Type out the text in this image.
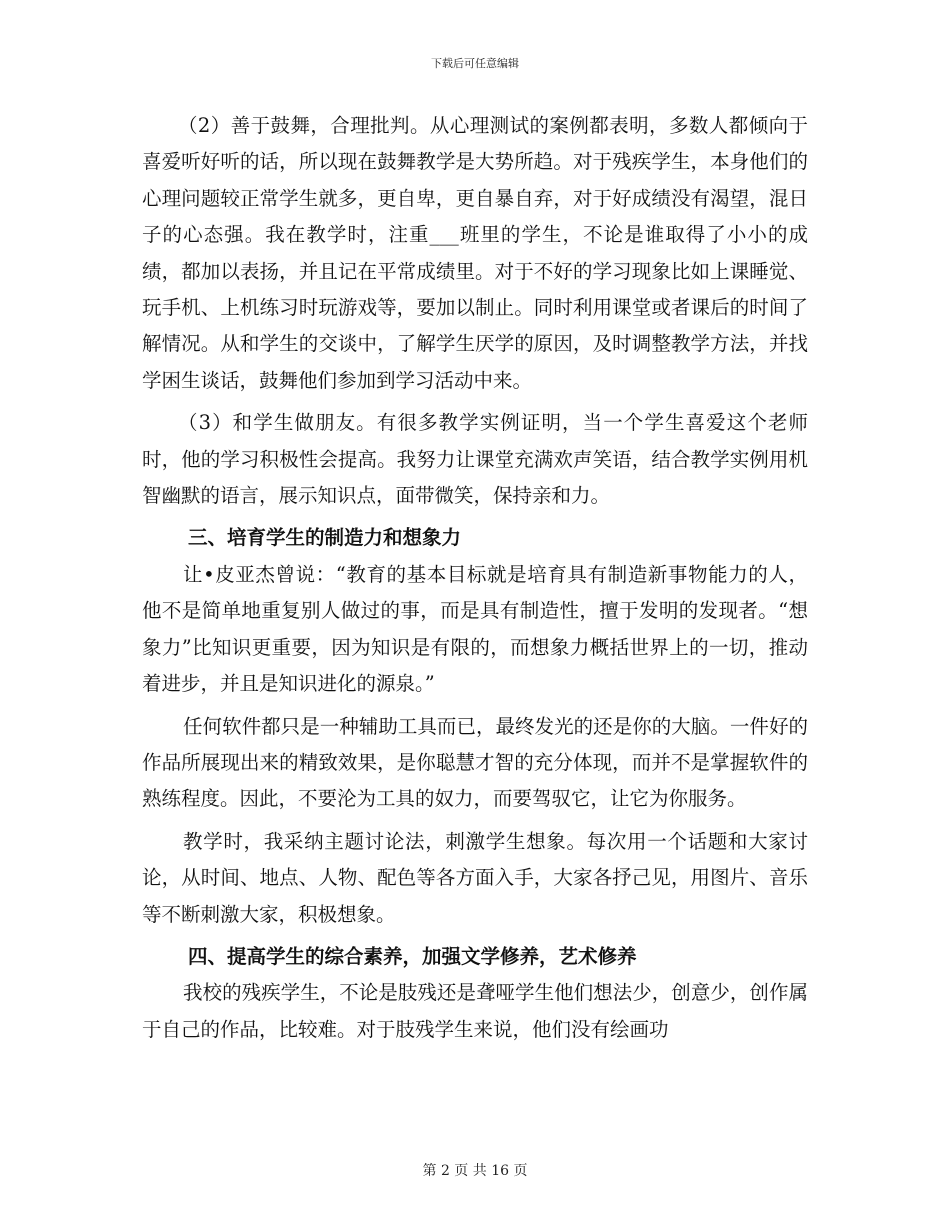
下载后可任意编辑

（2）善于鼓舞，合理批判。从心理测试的案例都表明，多数人都倾向于喜爱听好听的话，所以现在鼓舞教学是大势所趋。对于残疾学生，本身他们的心理问题较正常学生就多，更自卑，更自暴自弃，对于好成绩没有渴望，混日子的心态强。我在教学时，注重___班里的学生，不论是谁取得了小小的成绩，都加以表扬，并且记在平常成绩里。对于不好的学习现象比如上课睡觉、玩手机、上机练习时玩游戏等，要加以制止。同时利用课堂或者课后的时间了解情况。从和学生的交谈中，了解学生厌学的原因，及时调整教学方法，并找学困生谈话，鼓舞他们参加到学习活动中来。

（3）和学生做朋友。有很多教学实例证明，当一个学生喜爱这个老师时，他的学习积极性会提高。我努力让课堂充满欢声笑语，结合教学实例用机智幽默的语言，展示知识点，面带微笑，保持亲和力。

三、培育学生的制造力和想象力

让•皮亚杰曾说：“教育的基本目标就是培育具有制造新事物能力的人，他不是简单地重复别人做过的事，而是具有制造性，擅于发明的发现者。“想象力”比知识更重要，因为知识是有限的，而想象力概括世界上的一切，推动着进步，并且是知识进化的源泉。”

任何软件都只是一种辅助工具而已，最终发光的还是你的大脑。一件好的作品所展现出来的精致效果，是你聪慧才智的充分体现，而并不是掌握软件的熟练程度。因此，不要沦为工具的奴力，而要驾驭它，让它为你服务。

教学时，我采纳主题讨论法，刺激学生想象。每次用一个话题和大家讨论，从时间、地点、人物、配色等各方面入手，大家各抒己见，用图片、音乐等不断刺激大家，积极想象。

四、提高学生的综合素养，加强文学修养，艺术修养

我校的残疾学生，不论是肢残还是聋哑学生他们想法少，创意少，创作属于自己的作品，比较难。对于肢残学生来说，他们没有绘画功

第 2 页 共 16 页
